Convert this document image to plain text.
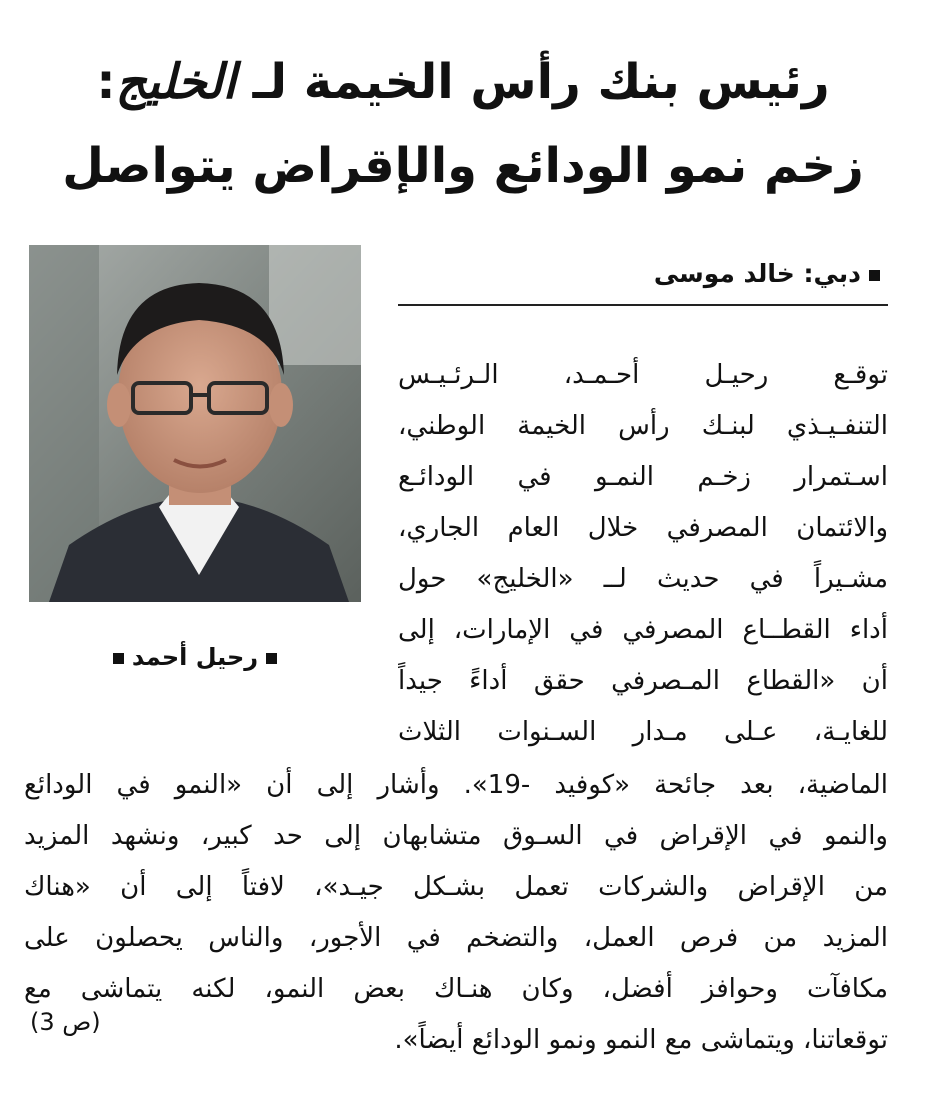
رئيس بنك رأس الخيمة لـ الخليج:
زخم نمو الودائع والإقراض يتواصل
رحيل أحمد
دبي: خالد موسى
توقـع رحيـل أحـمـد، الـرئـيـس
التنفـيـذي لبنـك رأس الخيمة الوطني،
اسـتمرار زخـم النمـو في الودائـع
والائتمان المصرفي خلال العام الجاري،
مشـيراً في حديث لــ «الخليج» حول
أداء القطــاع المصرفي في الإمارات، إلى
أن «القطاع المـصرفي حقق أداءً جيداً
للغايـة، عـلى مـدار السـنوات الثلاث
الماضية، بعد جائحة «كوفيد -19». وأشار إلى أن «النمو في الودائع
والنمو في الإقراض في السـوق متشابهان إلى حد كبير، ونشهد المزيد
من الإقراض والشركات تعمل بشـكل جيـد»، لافتاً إلى أن «هناك
المزيد من فرص العمل، والتضخم في الأجور، والناس يحصلون على
مكافآت وحوافز أفضل، وكان هنـاك بعض النمو، لكنه يتماشى مع
توقعاتنا، ويتماشى مع النمو ونمو الودائع أيضاً».
(ص 3)
